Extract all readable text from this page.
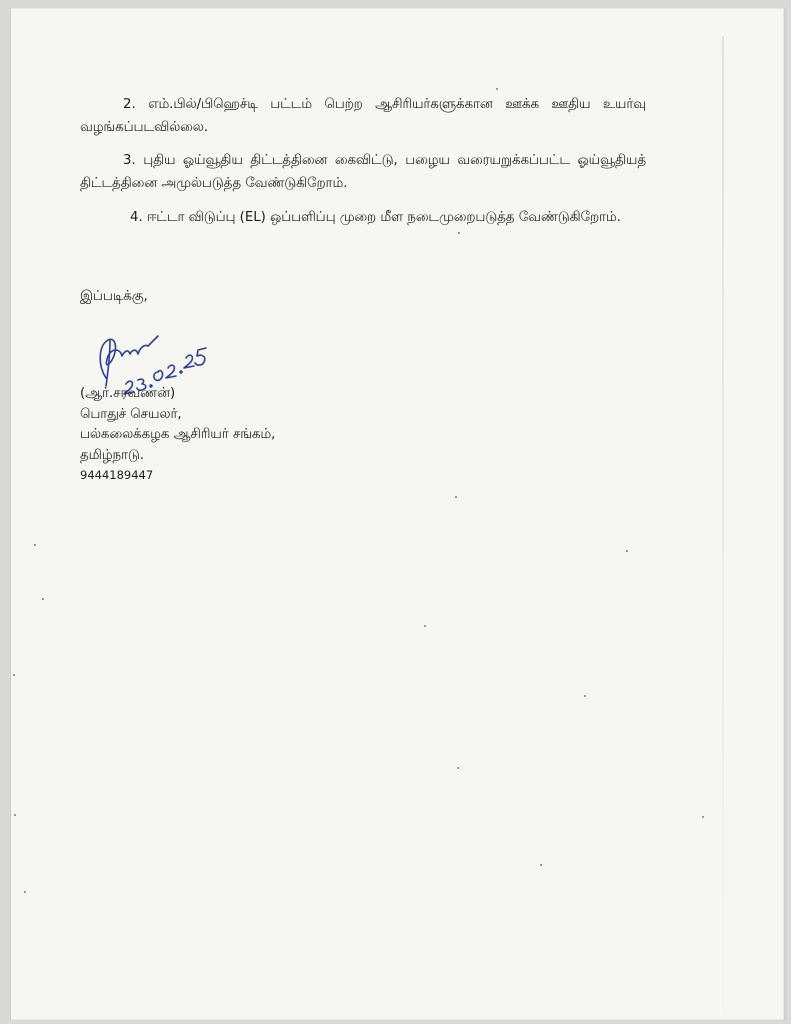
2. எம்.பில்/பிஹெச்டி பட்டம் பெற்ற ஆசிரியர்களுக்கான ஊக்க ஊதிய உயர்வு வழங்கப்படவில்லை.

3. புதிய ஓய்வூதிய திட்டத்தினை கைவிட்டு, பழைய வரையறுக்கப்பட்ட ஓய்வூதியத் திட்டத்தினை அமுல்படுத்த வேண்டுகிறோம்.

4. ஈட்டா விடுப்பு (EL) ஒப்பளிப்பு முறை மீள நடைமுறைபடுத்த வேண்டுகிறோம்.

இப்படிக்கு,
(ஆர்.சரவணன்)
பொதுச் செயலர்,
பல்கலைக்கழக ஆசிரியர் சங்கம்,
தமிழ்நாடு.
9444189447
